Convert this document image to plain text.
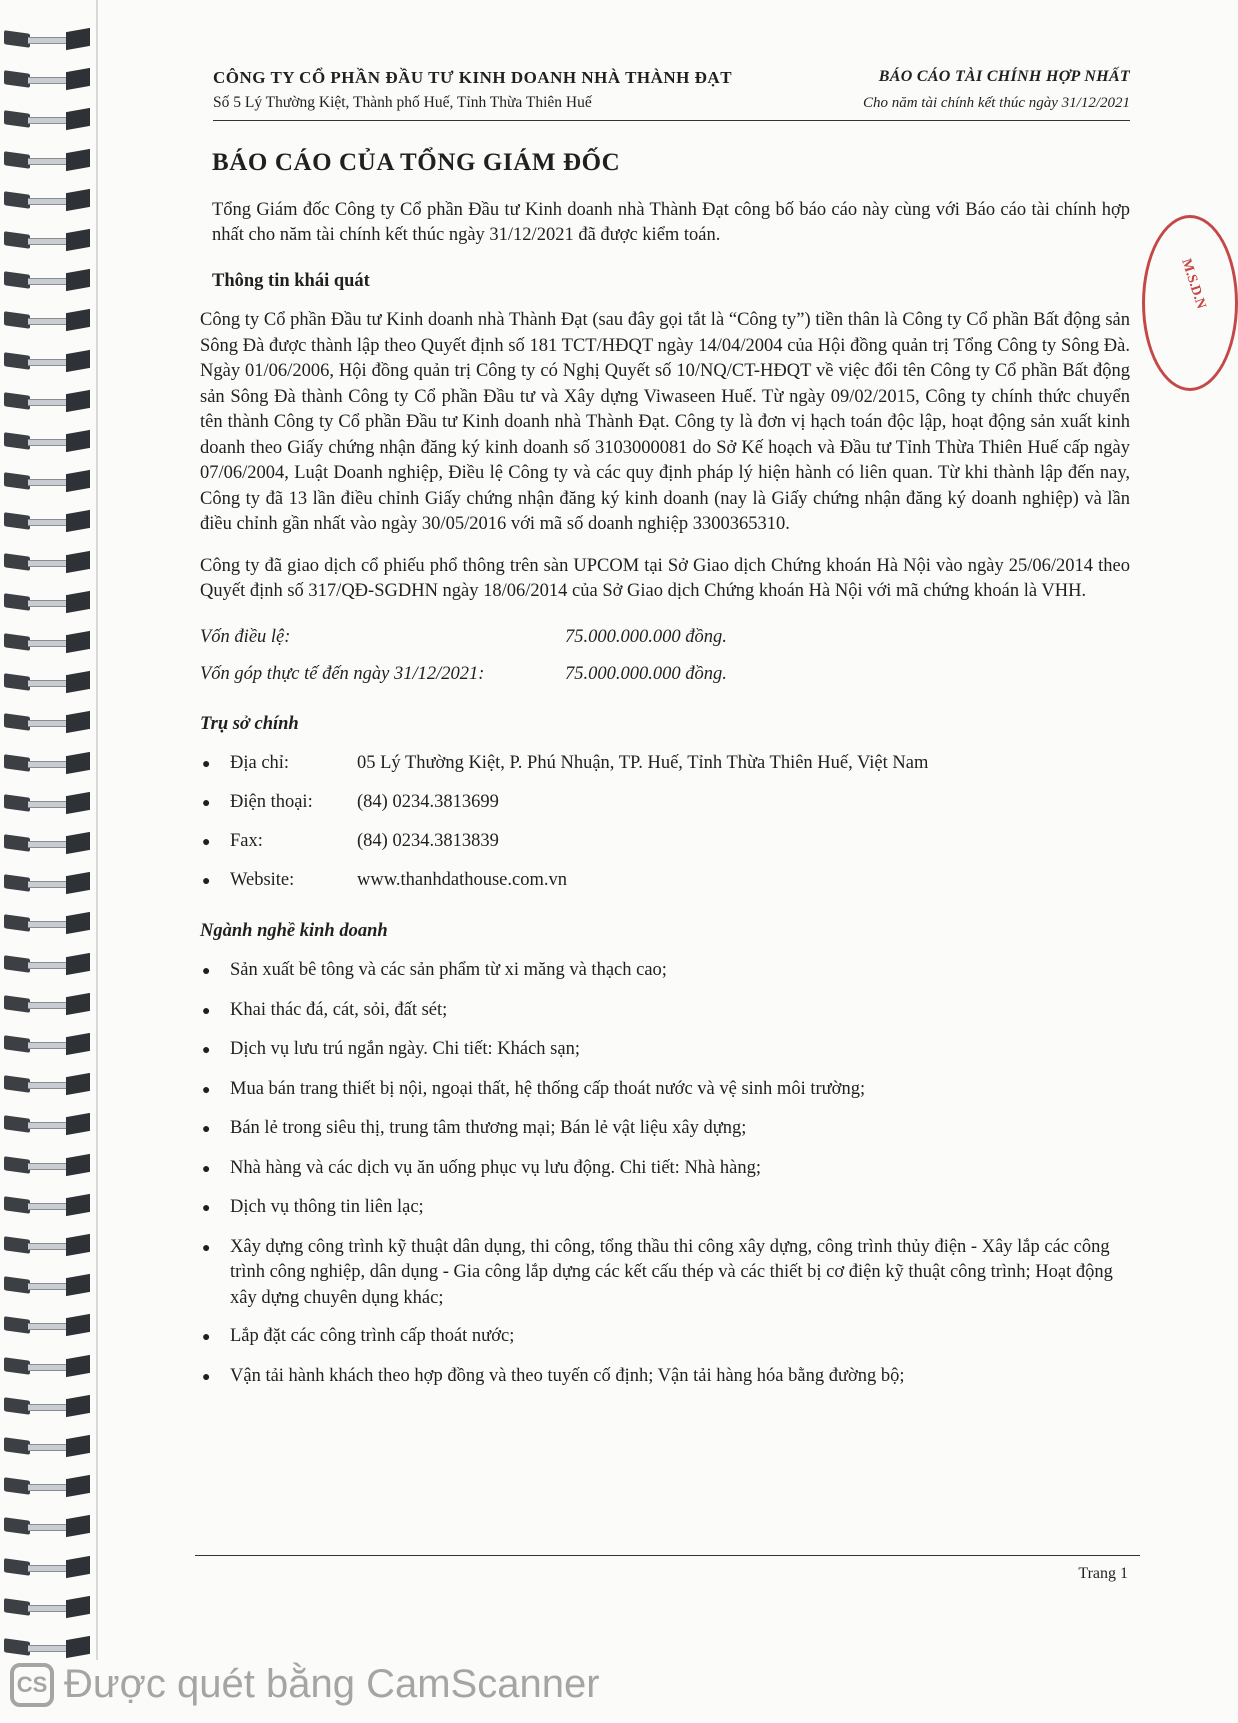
M.S.D.N
CÔNG TY CỔ PHẦN ĐẦU TƯ KINH DOANH NHÀ THÀNH ĐẠT	BÁO CÁO TÀI CHÍNH HỢP NHẤT
Số 5 Lý Thường Kiệt, Thành phố Huế, Tỉnh Thừa Thiên Huế	Cho năm tài chính kết thúc ngày 31/12/2021
BÁO CÁO CỦA TỔNG GIÁM ĐỐC

Tổng Giám đốc Công ty Cổ phần Đầu tư Kinh doanh nhà Thành Đạt công bố báo cáo này cùng với Báo cáo tài chính hợp nhất cho năm tài chính kết thúc ngày 31/12/2021 đã được kiểm toán.

Thông tin khái quát

Công ty Cổ phần Đầu tư Kinh doanh nhà Thành Đạt (sau đây gọi tắt là “Công ty”) tiền thân là Công ty Cổ phần Bất động sản Sông Đà được thành lập theo Quyết định số 181 TCT/HĐQT ngày 14/04/2004 của Hội đồng quản trị Tổng Công ty Sông Đà. Ngày 01/06/2006, Hội đồng quản trị Công ty có Nghị Quyết số 10/NQ/CT-HĐQT về việc đổi tên Công ty Cổ phần Bất động sản Sông Đà thành Công ty Cổ phần Đầu tư và Xây dựng Viwaseen Huế. Từ ngày 09/02/2015, Công ty chính thức chuyển tên thành Công ty Cổ phần Đầu tư Kinh doanh nhà Thành Đạt. Công ty là đơn vị hạch toán độc lập, hoạt động sản xuất kinh doanh theo Giấy chứng nhận đăng ký kinh doanh số 3103000081 do Sở Kế hoạch và Đầu tư Tỉnh Thừa Thiên Huế cấp ngày 07/06/2004, Luật Doanh nghiệp, Điều lệ Công ty và các quy định pháp lý hiện hành có liên quan. Từ khi thành lập đến nay, Công ty đã 13 lần điều chỉnh Giấy chứng nhận đăng ký kinh doanh (nay là Giấy chứng nhận đăng ký doanh nghiệp) và lần điều chỉnh gần nhất vào ngày 30/05/2016 với mã số doanh nghiệp 3300365310.

Công ty đã giao dịch cổ phiếu phổ thông trên sàn UPCOM tại Sở Giao dịch Chứng khoán Hà Nội vào ngày 25/06/2014 theo Quyết định số 317/QĐ-SGDHN ngày 18/06/2014 của Sở Giao dịch Chứng khoán Hà Nội với mã chứng khoán là VHH.

Vốn điều lệ:	75.000.000.000 đồng.
Vốn góp thực tế đến ngày 31/12/2021:	75.000.000.000 đồng.
Trụ sở chính
●	Địa chỉ:	05 Lý Thường Kiệt, P. Phú Nhuận, TP. Huế, Tỉnh Thừa Thiên Huế, Việt Nam
●	Điện thoại:	(84) 0234.3813699
●	Fax:	(84) 0234.3813839
●	Website:	www.thanhdathouse.com.vn
Ngành nghề kinh doanh
●	Sản xuất bê tông và các sản phẩm từ xi măng và thạch cao;
●	Khai thác đá, cát, sỏi, đất sét;
●	Dịch vụ lưu trú ngắn ngày. Chi tiết: Khách sạn;
●	Mua bán trang thiết bị nội, ngoại thất, hệ thống cấp thoát nước và vệ sinh môi trường;
●	Bán lẻ trong siêu thị, trung tâm thương mại; Bán lẻ vật liệu xây dựng;
●	Nhà hàng và các dịch vụ ăn uống phục vụ lưu động. Chi tiết: Nhà hàng;
●	Dịch vụ thông tin liên lạc;
●	Xây dựng công trình kỹ thuật dân dụng, thi công, tổng thầu thi công xây dựng, công trình thủy điện - Xây lắp các công trình công nghiệp, dân dụng - Gia công lắp dựng các kết cấu thép và các thiết bị cơ điện kỹ thuật công trình; Hoạt động xây dựng chuyên dụng khác;
●	Lắp đặt các công trình cấp thoát nước;
●	Vận tải hành khách theo hợp đồng và theo tuyến cố định; Vận tải hàng hóa bằng đường bộ;
Trang 1
CS Được quét bằng CamScanner
